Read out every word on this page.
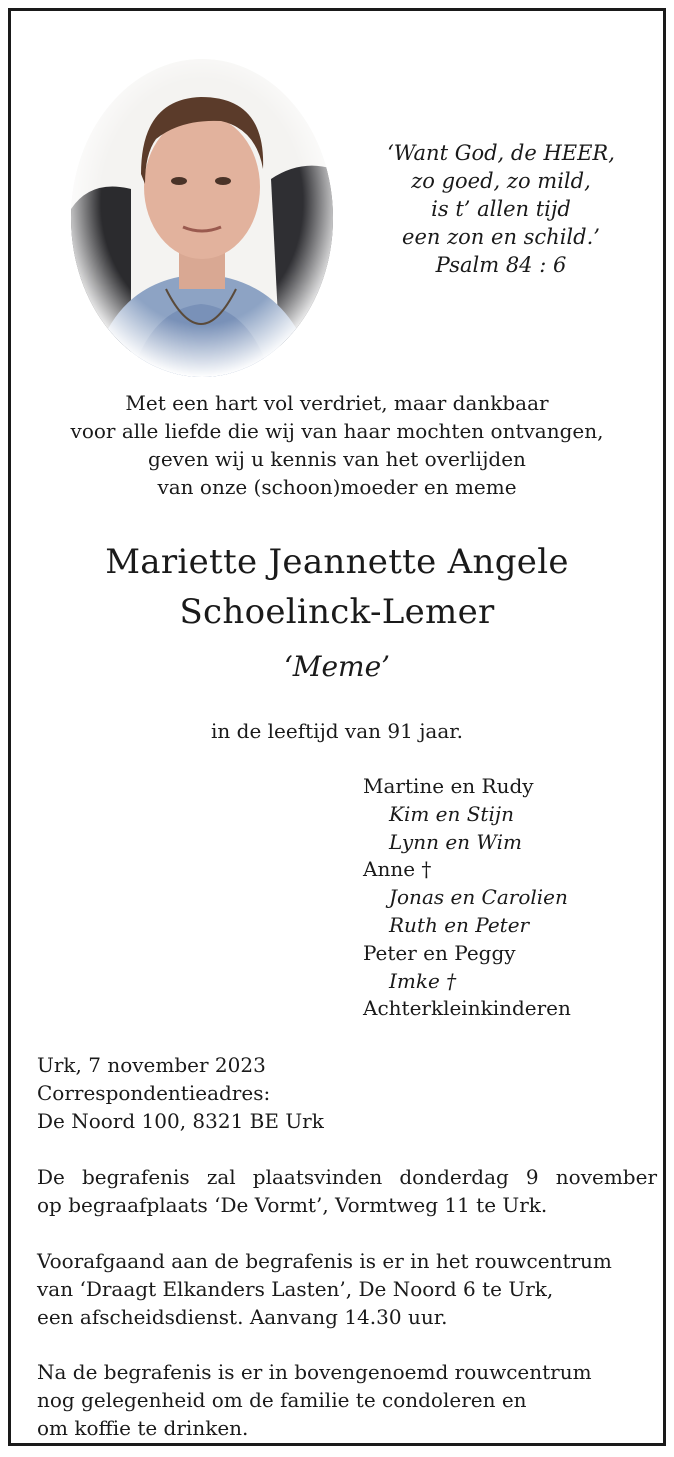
‘Want God, de HEER,
zo goed, zo mild,
is t’ allen tijd
een zon en schild.’
Psalm 84 : 6
Met een hart vol verdriet, maar dankbaar
voor alle liefde die wij van haar mochten ontvangen,
geven wij u kennis van het overlijden
van onze (schoon)moeder en meme
Mariette Jeannette Angele
Schoelinck-Lemer
‘Meme’
in de leeftijd van 91 jaar.
Martine en Rudy
Kim en Stijn
Lynn en Wim
Anne †
Jonas en Carolien
Ruth en Peter
Peter en Peggy
Imke †
Achterkleinkinderen
Urk, 7 november 2023
Correspondentieadres:
De Noord 100, 8321 BE Urk
De begrafenis zal plaatsvinden donderdag 9 november
op begraafplaats ‘De Vormt’, Vormtweg 11 te Urk.
Voorafgaand aan de begrafenis is er in het rouwcentrum
van ‘Draagt Elkanders Lasten’, De Noord 6 te Urk,
een afscheidsdienst. Aanvang 14.30 uur.
Na de begrafenis is er in bovengenoemd rouwcentrum
nog gelegenheid om de familie te condoleren en
om koffie te drinken.
